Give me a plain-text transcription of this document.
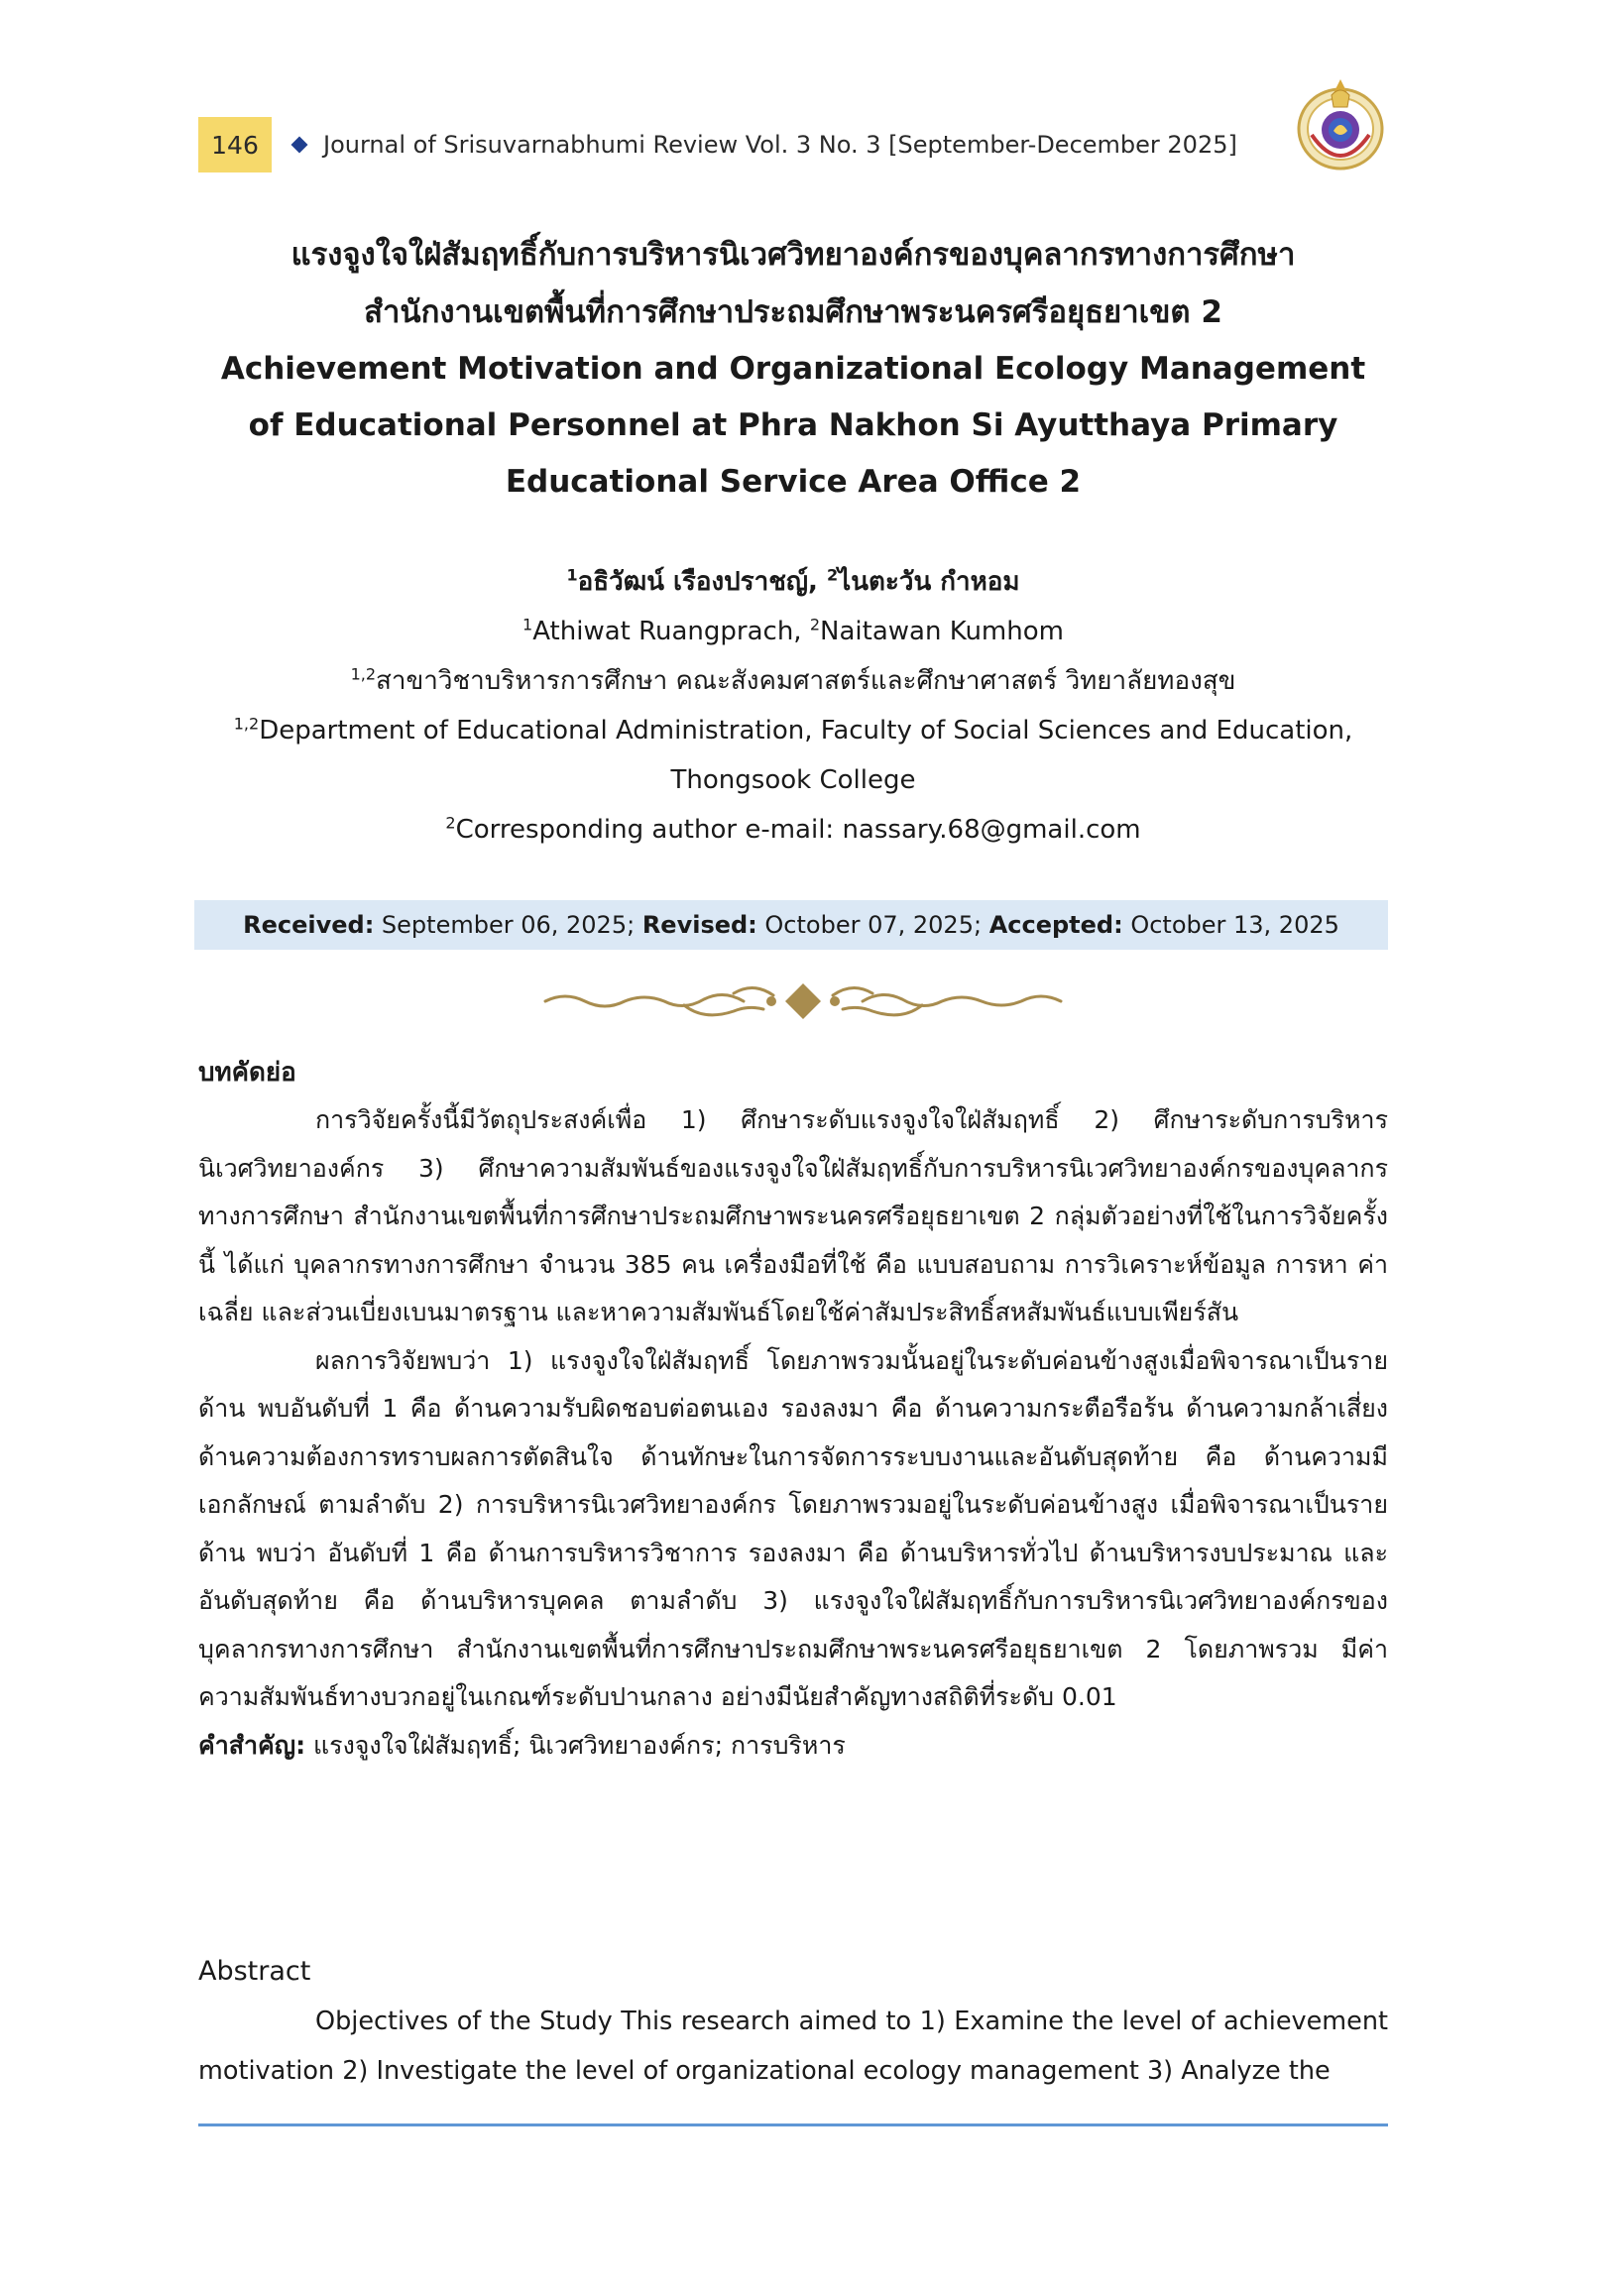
146	Journal of Srisuvarnabhumi Review Vol. 3 No. 3 [September-December 2025]
แรงจูงใจใฝ่สัมฤทธิ์กับการบริหารนิเวศวิทยาองค์กรของบุคลากรทางการศึกษา
สำนักงานเขตพื้นที่การศึกษาประถมศึกษาพระนครศรีอยุธยาเขต 2
Achievement Motivation and Organizational Ecology Management
of Educational Personnel at Phra Nakhon Si Ayutthaya Primary
Educational Service Area Office 2
$^1$อธิวัฒน์ เรืองปราชญ์, $^2$ไนตะวัน กำหอม
$^1$Athiwat Ruangprach, $^2$Naitawan Kumhom
$^{1,2}$สาขาวิชาบริหารการศึกษา คณะสังคมศาสตร์และศึกษาศาสตร์ วิทยาลัยทองสุข
$^{1,2}$Department of Educational Administration, Faculty of Social Sciences and Education,
Thongsook College
$^2$Corresponding author e-mail: nassary.68@gmail.com
Received: September 06, 2025; Revised: October 07, 2025; Accepted: October 13, 2025
บทคัดย่อ
การวิจัยครั้งนี้มีวัตถุประสงค์เพื่อ 1) ศึกษาระดับแรงจูงใจใฝ่สัมฤทธิ์ 2) ศึกษาระดับการบริหารนิเวศวิทยาองค์กร 3) ศึกษาความสัมพันธ์ของแรงจูงใจใฝ่สัมฤทธิ์กับการบริหารนิเวศวิทยาองค์กรของบุคลากรทางการศึกษา สำนักงานเขตพื้นที่การศึกษาประถมศึกษาพระนครศรีอยุธยาเขต 2 กลุ่มตัวอย่างที่ใช้ในการวิจัยครั้งนี้ ได้แก่ บุคลากรทางการศึกษา จำนวน 385 คน เครื่องมือที่ใช้ คือ แบบสอบถาม การวิเคราะห์ข้อมูล การหา ค่าเฉลี่ย และส่วนเบี่ยงเบนมาตรฐาน และหาความสัมพันธ์โดยใช้ค่าสัมประสิทธิ์สหสัมพันธ์แบบเพียร์สัน
ผลการวิจัยพบว่า 1) แรงจูงใจใฝ่สัมฤทธิ์ โดยภาพรวมนั้นอยู่ในระดับค่อนข้างสูงเมื่อพิจารณาเป็นรายด้าน พบอันดับที่ 1 คือ ด้านความรับผิดชอบต่อตนเอง รองลงมา คือ ด้านความกระตือรือร้น ด้านความกล้าเสี่ยง ด้านความต้องการทราบผลการตัดสินใจ ด้านทักษะในการจัดการระบบงานและอันดับสุดท้าย คือ ด้านความมีเอกลักษณ์ ตามลำดับ 2) การบริหารนิเวศวิทยาองค์กร โดยภาพรวมอยู่ในระดับค่อนข้างสูง เมื่อพิจารณาเป็นรายด้าน พบว่า อันดับที่ 1 คือ ด้านการบริหารวิชาการ รองลงมา คือ ด้านบริหารทั่วไป ด้านบริหารงบประมาณ และอันดับสุดท้าย คือ ด้านบริหารบุคคล ตามลำดับ 3) แรงจูงใจใฝ่สัมฤทธิ์กับการบริหารนิเวศวิทยาองค์กรของบุคลากรทางการศึกษา สำนักงานเขตพื้นที่การศึกษาประถมศึกษาพระนครศรีอยุธยาเขต 2 โดยภาพรวม มีค่าความสัมพันธ์ทางบวกอยู่ในเกณฑ์ระดับปานกลาง อย่างมีนัยสำคัญทางสถิติที่ระดับ 0.01
คำสำคัญ: แรงจูงใจใฝ่สัมฤทธิ์; นิเวศวิทยาองค์กร; การบริหาร
Abstract
Objectives of the Study This research aimed to 1) Examine the level of achievement motivation 2) Investigate the level of organizational ecology management 3) Analyze the
